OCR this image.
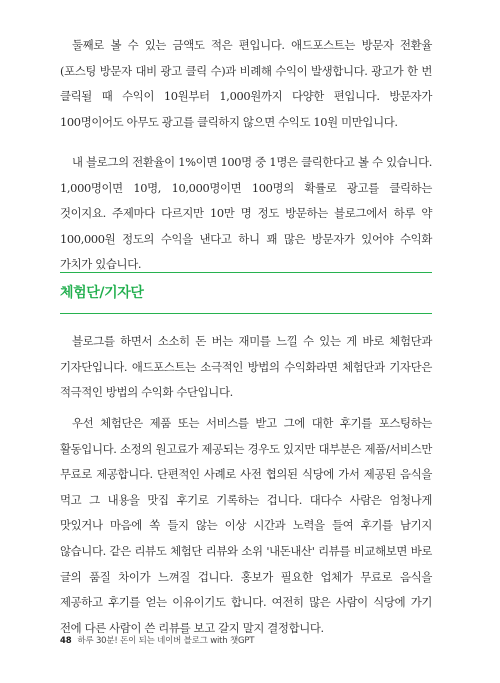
둘째로 볼 수 있는 금액도 적은 편입니다. 애드포스트는 방문자 전환율(포스팅 방문자 대비 광고 클릭 수)과 비례해 수익이 발생합니다. 광고가 한 번 클릭될 때 수익이 10원부터 1,000원까지 다양한 편입니다. 방문자가 100명이어도 아무도 광고를 클릭하지 않으면 수익도 10원 미만입니다.

내 블로그의 전환율이 1%이면 100명 중 1명은 클릭한다고 볼 수 있습니다. 1,000명이면 10명, 10,000명이면 100명의 확률로 광고를 클릭하는 것이지요. 주제마다 다르지만 10만 명 정도 방문하는 블로그에서 하루 약 100,000원 정도의 수익을 낸다고 하니 꽤 많은 방문자가 있어야 수익화 가치가 있습니다.

체험단/기자단

블로그를 하면서 소소히 돈 버는 재미를 느낄 수 있는 게 바로 체험단과 기자단입니다. 애드포스트는 소극적인 방법의 수익화라면 체험단과 기자단은 적극적인 방법의 수익화 수단입니다.

우선 체험단은 제품 또는 서비스를 받고 그에 대한 후기를 포스팅하는 활동입니다. 소정의 원고료가 제공되는 경우도 있지만 대부분은 제품/서비스만 무료로 제공합니다. 단편적인 사례로 사전 협의된 식당에 가서 제공된 음식을 먹고 그 내용을 맛집 후기로 기록하는 겁니다. 대다수 사람은 엄청나게 맛있거나 마음에 쏙 들지 않는 이상 시간과 노력을 들여 후기를 남기지 않습니다. 같은 리뷰도 체험단 리뷰와 소위 '내돈내산' 리뷰를 비교해보면 바로 글의 품질 차이가 느껴질 겁니다. 홍보가 필요한 업체가 무료로 음식을 제공하고 후기를 얻는 이유이기도 합니다. 여전히 많은 사람이 식당에 가기 전에 다른 사람이 쓴 리뷰를 보고 갈지 말지 결정합니다.

48 하루 30분! 돈이 되는 네이버 블로그 with 챗GPT
